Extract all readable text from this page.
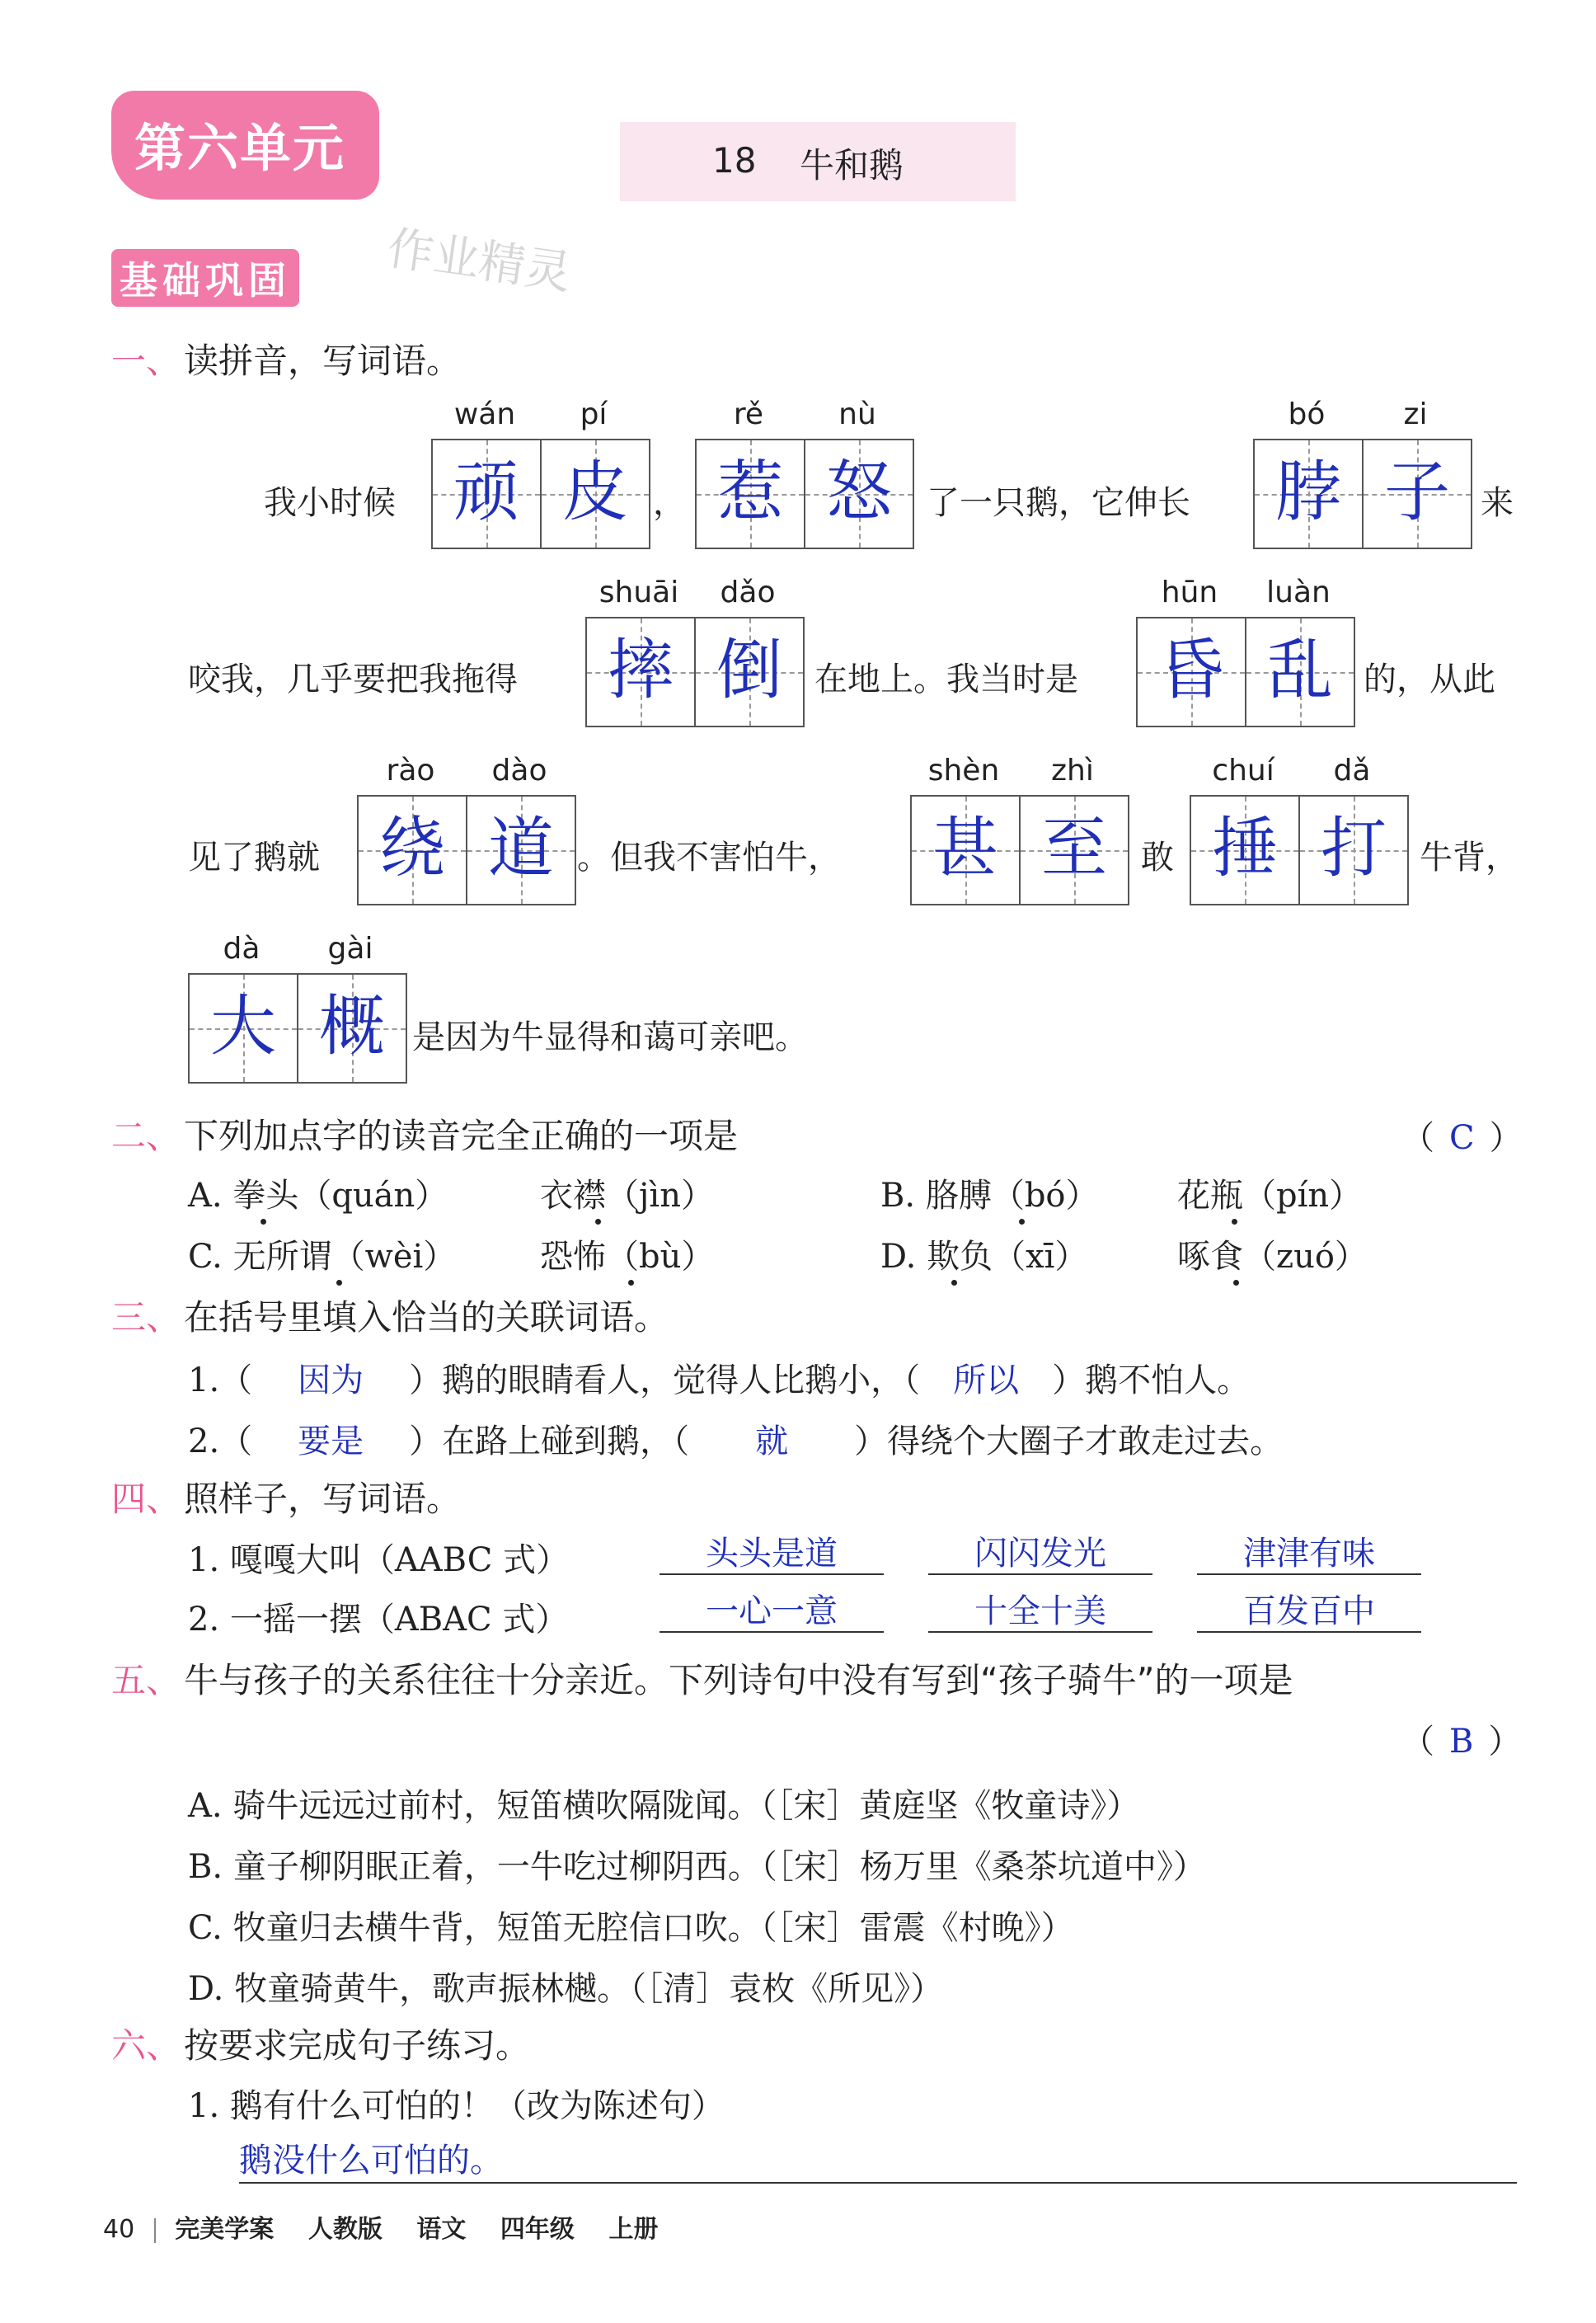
第六单元	18 牛和鹅
基础巩固 作业精灵
一、读拼音，写词语。
我小时候
wán	pí
顽 皮 ，
rě	nù
惹 怒	了一只鹅，它伸长
bó	zi
脖 子 来
咬我，几乎要把我拖得
shuāi	dǎo
摔 倒 在地上。我当时是
hūn	luàn
昏 乱 的，从此
见了鹅就
rào	dào
绕 道 。但我不害怕牛，
shèn	zhì
甚 至	敢
chuí	dǎ
捶 打	牛背，
dà	gài
大 概 是因为牛显得和蔼可亲吧。
二、下列加点字的读音完全正确的一项是	（ C ）
A. 拳头（quán）	衣襟（jìn）	B. 胳膊（bó） 花瓶（pín）
C. 无所谓（wèi）	恐怖（bù）	D. 欺负（xī）	啄食（zuó）
三、在括号里填入恰当的关联词语。
1.（ 因为 ）鹅的眼睛看人，觉得人比鹅小，（ 所以 ）鹅不怕人。
2.（ 要是 ）在路上碰到鹅，（ 就 ）得绕个大圈子才敢走过去。
四、照样子，写词语。
1. 嘎嘎大叫（AABC 式）	头头是道	闪闪发光	津津有味
2. 一摇一摆（ABAC 式）	一心一意	十全十美	百发百中
五、牛与孩子的关系往往十分亲近。下列诗句中没有写到“孩子骑牛”的一项是
（ B ）
A. 骑牛远远过前村，短笛横吹隔陇闻。（［宋］黄庭坚《牧童诗》）
B. 童子柳阴眠正着，一牛吃过柳阴西。（［宋］杨万里《桑茶坑道中》）
C. 牧童归去横牛背，短笛无腔信口吹。（［宋］雷震《村晚》）
D. 牧童骑黄牛，歌声振林樾。（［清］袁枚《所见》）
六、按要求完成句子练习。
1. 鹅有什么可怕的！（改为陈述句）
鹅没什么可怕的。
40 完美学案 人教版 语文 四年级 上册
